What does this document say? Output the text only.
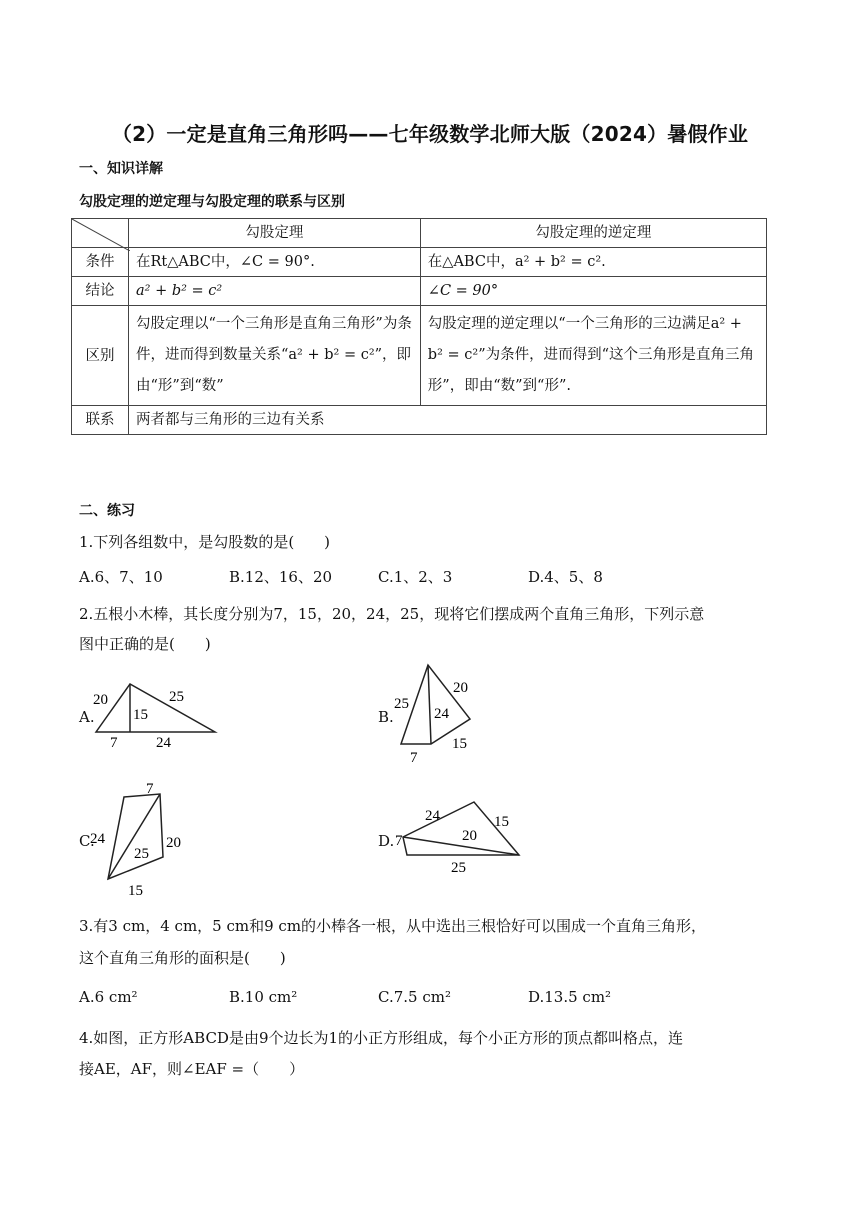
（2）一定是直角三角形吗——七年级数学北师大版（2024）暑假作业
一、知识详解
勾股定理的逆定理与勾股定理的联系与区别
	勾股定理	勾股定理的逆定理
条件	在Rt△ABC中，∠C = 90°.	在△ABC中，a² + b² = c².
结论	a² + b² = c²	∠C = 90°
区别	勾股定理以“一个三角形是直角三角形”为条件，进而得到数量关系“a² + b² = c²”，即由“形”到“数”	勾股定理的逆定理以“一个三角形的三边满足a² + b² = c²”为条件，进而得到“这个三角形是直角三角形”，即由“数”到“形”.
联系	两者都与三角形的三边有关系	
二、练习
1.下列各组数中，是勾股数的是(　　)
A.6、7、10	B.12、16、20	C.1、2、3	D.4、5、8
2.五根小木棒，其长度分别为7，15，20，24，25，现将它们摆成两个直角三角形，下列示意
图中正确的是(　　)
A.
20	25
15
7	24
B.
25
20
24
15
7
C.
7
24	20
25
15
D. 7
24	15
20
25
3.有3 cm，4 cm，5 cm和9 cm的小棒各一根，从中选出三根恰好可以围成一个直角三角形，
这个直角三角形的面积是(　　)
A.6 cm²	B.10 cm²	C.7.5 cm²	D.13.5 cm²
4.如图，正方形ABCD是由9个边长为1的小正方形组成，每个小正方形的顶点都叫格点，连
接AE，AF，则∠EAF =（　　）
